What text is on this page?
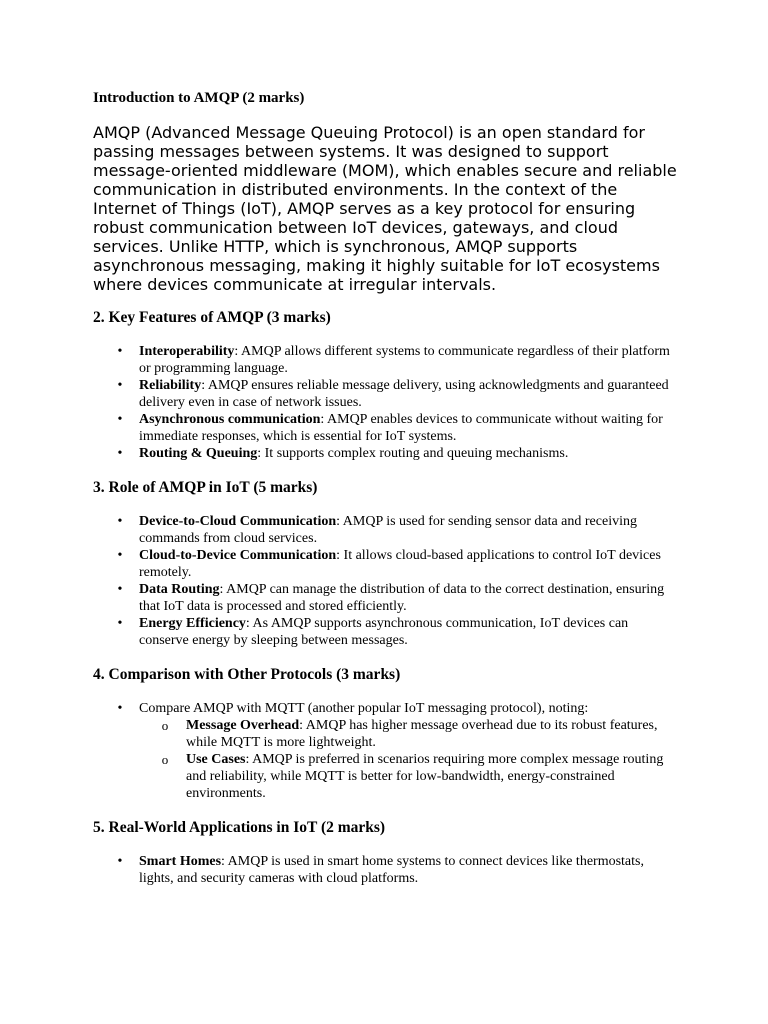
Introduction to AMQP (2 marks)
AMQP (Advanced Message Queuing Protocol) is an open standard for passing messages between systems. It was designed to support message-oriented middleware (MOM), which enables secure and reliable communication in distributed environments. In the context of the Internet of Things (IoT), AMQP serves as a key protocol for ensuring robust communication between IoT devices, gateways, and cloud services. Unlike HTTP, which is synchronous, AMQP supports asynchronous messaging, making it highly suitable for IoT ecosystems where devices communicate at irregular intervals.
2. Key Features of AMQP (3 marks)
• Interoperability: AMQP allows different systems to communicate regardless of their platform or programming language.
• Reliability: AMQP ensures reliable message delivery, using acknowledgments and guaranteed delivery even in case of network issues.
• Asynchronous communication: AMQP enables devices to communicate without waiting for immediate responses, which is essential for IoT systems.
• Routing & Queuing: It supports complex routing and queuing mechanisms.
3. Role of AMQP in IoT (5 marks)
• Device-to-Cloud Communication: AMQP is used for sending sensor data and receiving commands from cloud services.
• Cloud-to-Device Communication: It allows cloud-based applications to control IoT devices remotely.
• Data Routing: AMQP can manage the distribution of data to the correct destination, ensuring that IoT data is processed and stored efficiently.
• Energy Efficiency: As AMQP supports asynchronous communication, IoT devices can conserve energy by sleeping between messages.
4. Comparison with Other Protocols (3 marks)
• Compare AMQP with MQTT (another popular IoT messaging protocol), noting:
o Message Overhead: AMQP has higher message overhead due to its robust features, while MQTT is more lightweight.
o Use Cases: AMQP is preferred in scenarios requiring more complex message routing and reliability, while MQTT is better for low-bandwidth, energy-constrained environments.
5. Real-World Applications in IoT (2 marks)
• Smart Homes: AMQP is used in smart home systems to connect devices like thermostats, lights, and security cameras with cloud platforms.
